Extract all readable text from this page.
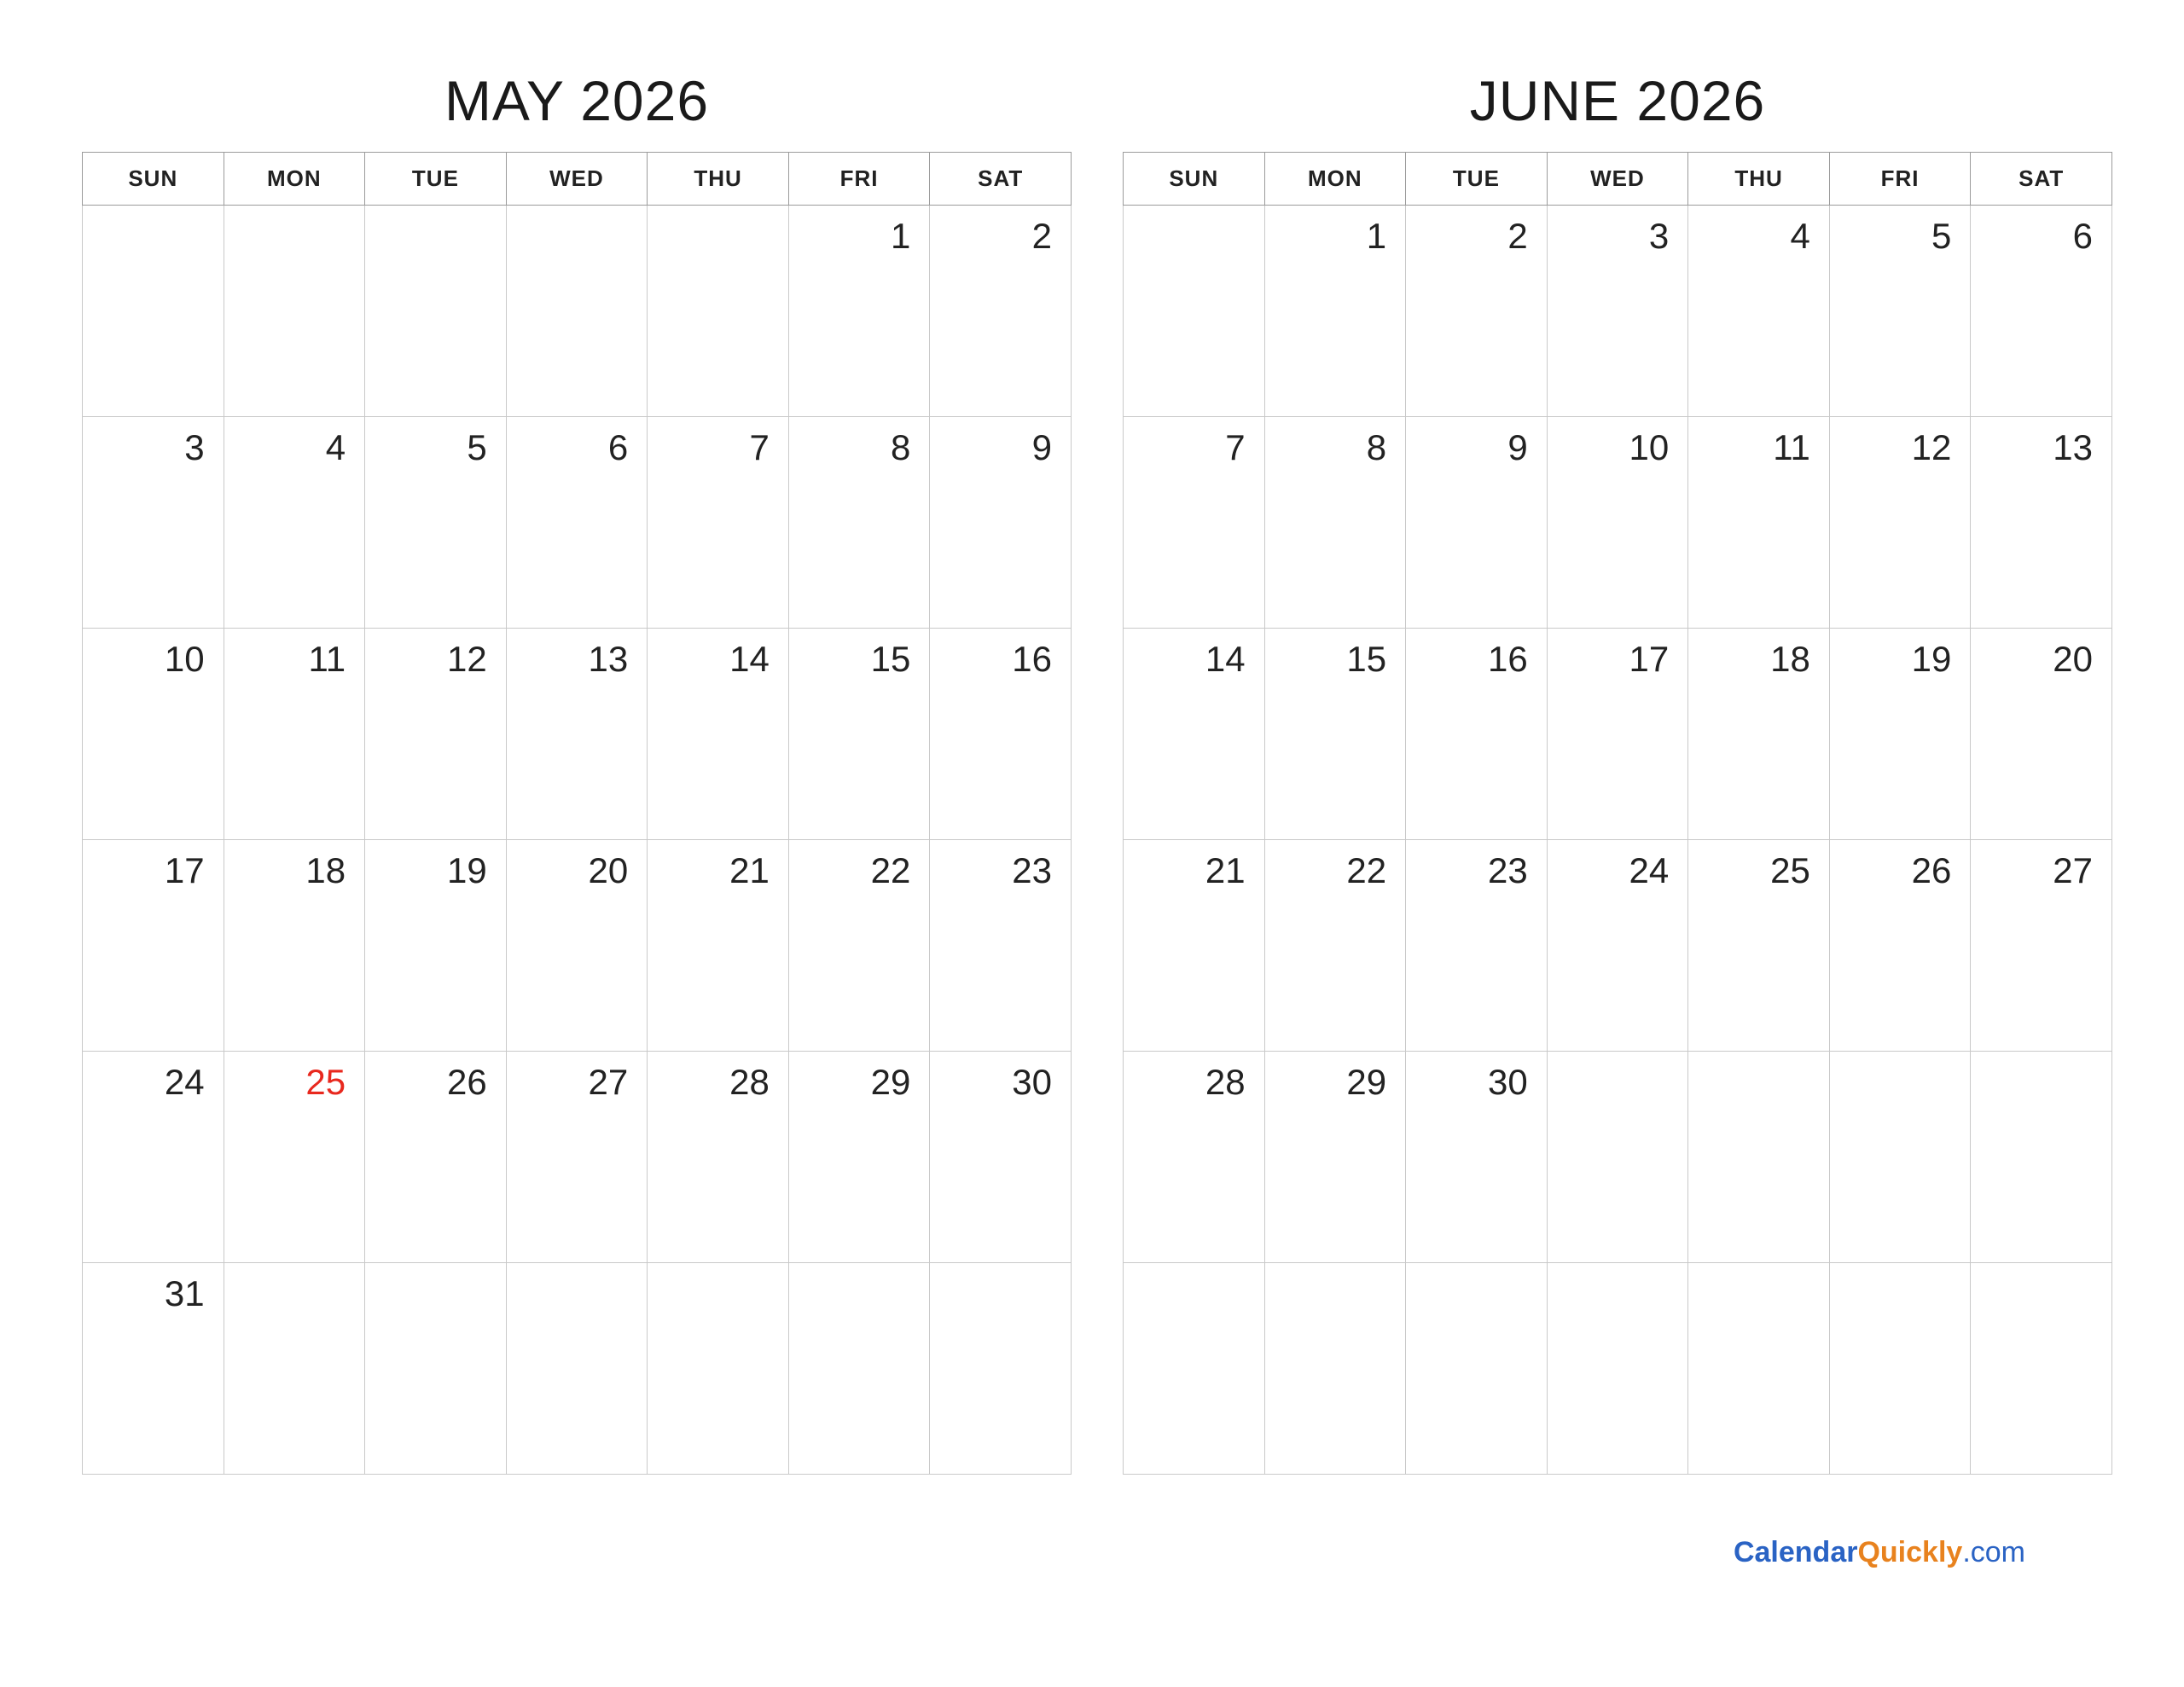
MAY 2026
SUN	MON	TUE	WED	THU	FRI	SAT
					1	2
3	4	5	6	7	8	9
10	11	12	13	14	15	16
17	18	19	20	21	22	23
24	25	26	27	28	29	30
31						
JUNE 2026
SUN	MON	TUE	WED	THU	FRI	SAT
	1	2	3	4	5	6
7	8	9	10	11	12	13
14	15	16	17	18	19	20
21	22	23	24	25	26	27
28	29	30				

CalendarQuickly.com
